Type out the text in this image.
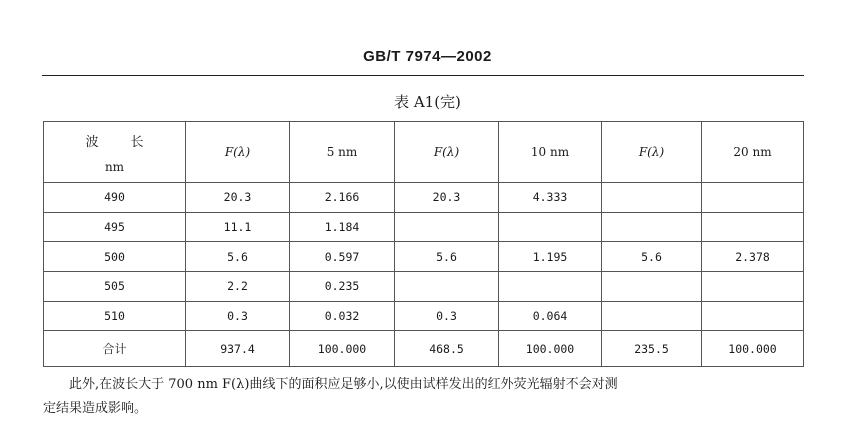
GB/T 7974—2002
表 A1(完)
波 长
nm	F(λ)	5 nm	F(λ)	10 nm	F(λ)	20 nm
490	20.3	2.166	20.3	4.333		
495	11.1	1.184				
500	5.6	0.597	5.6	1.195	5.6	2.378
505	2.2	0.235				
510	0.3	0.032	0.3	0.064		
合计	937.4	100.000	468.5	100.000	235.5	100.000
此外,在波长大于 700 nm F(λ)曲线下的面积应足够小,以使由试样发出的红外荧光辐射不会对测
定结果造成影响。
